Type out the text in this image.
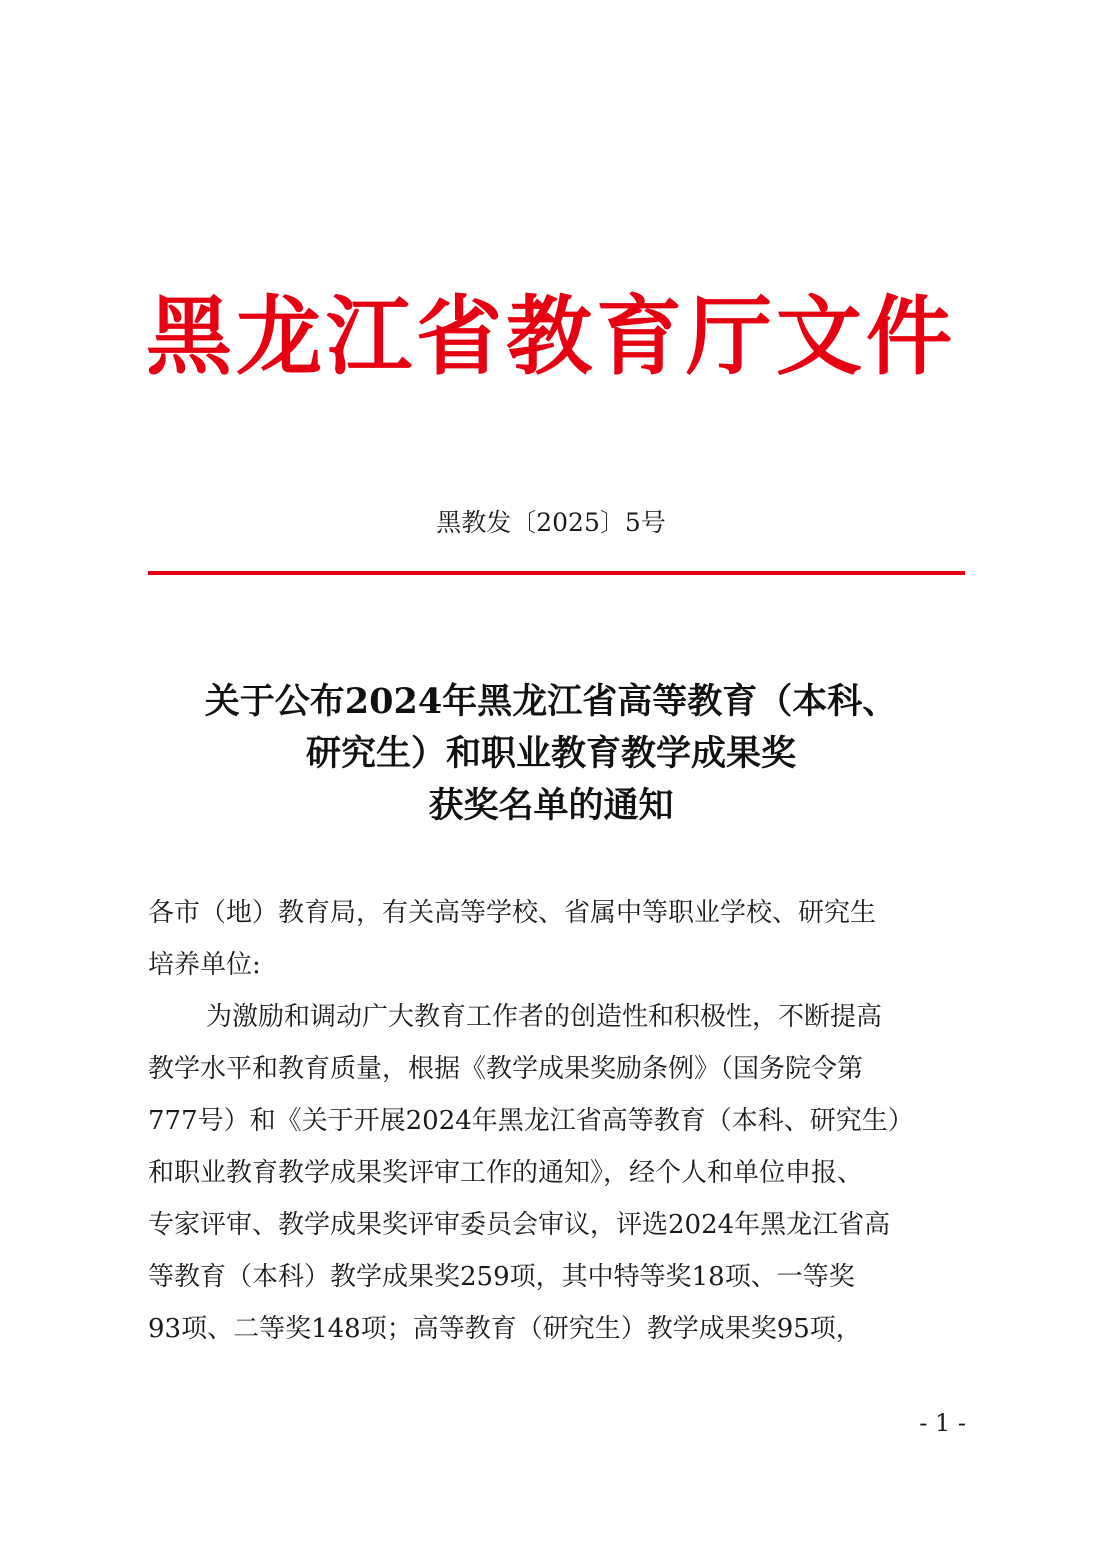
黑龙江省教育厅文件
黑教发〔2025〕5号
关于公布2024年黑龙江省高等教育（本科、
研究生）和职业教育教学成果奖
获奖名单的通知
各市（地）教育局，有关高等学校、省属中等职业学校、研究生
培养单位:
为激励和调动广大教育工作者的创造性和积极性，不断提高
教学水平和教育质量，根据《教学成果奖励条例》（国务院令第
777号）和《关于开展2024年黑龙江省高等教育（本科、研究生）
和职业教育教学成果奖评审工作的通知》，经个人和单位申报、
专家评审、教学成果奖评审委员会审议，评选2024年黑龙江省高
等教育（本科）教学成果奖259项，其中特等奖18项、一等奖
93项、二等奖148项；高等教育（研究生）教学成果奖95项，
- 1 -
